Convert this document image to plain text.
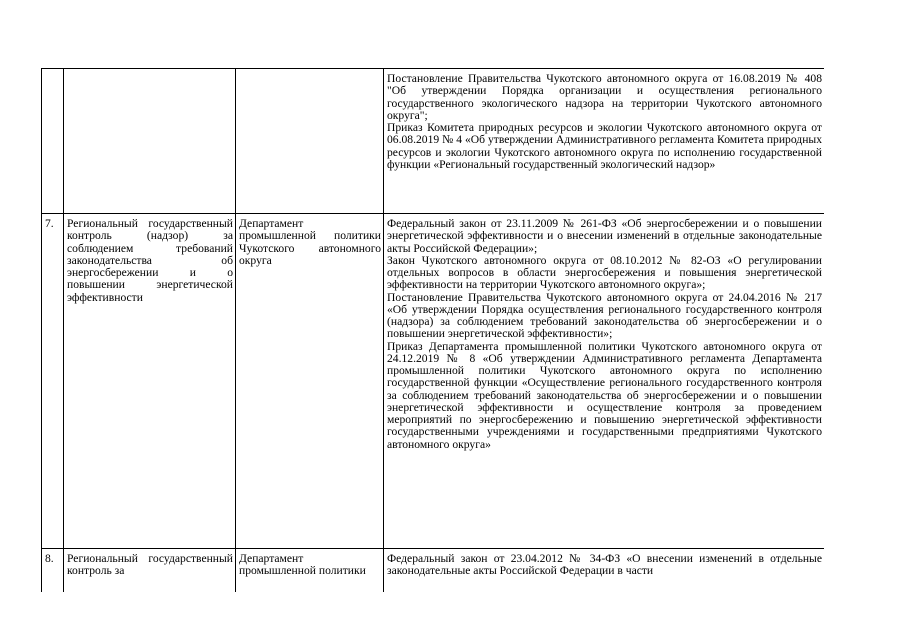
			Постановление Правительства Чукотского автономного округа от 16.08.2019 № 408 "Об утверждении Порядка организации и осуществления регионального государственного экологического надзора на территории Чукотского автономного округа";
Приказ Комитета природных ресурсов и экологии Чукотского автономного округа от 06.08.2019 № 4 «Об утверждении Административного регламента Комитета природных ресурсов и экологии Чукотского автономного округа по исполнению государственной функции «Региональный государственный экологический надзор»

7.	Региональный государственный контроль (надзор) за соблюдением требований законодательства об энергосбережении и о повышении энергетической эффективности	Департамент промышленной политики Чукотского автономного округа	Федеральный закон от 23.11.2009 № 261-ФЗ «Об энергосбережении и о повышении энергетической эффективности и о внесении изменений в отдельные законодательные акты Российской Федерации»;
Закон Чукотского автономного округа от 08.10.2012 № 82-ОЗ «О регулировании отдельных вопросов в области энергосбережения и повышения энергетической эффективности на территории Чукотского автономного округа»;
Постановление Правительства Чукотского автономного округа от 24.04.2016 № 217 «Об утверждении Порядка осуществления регионального государственного контроля (надзора) за соблюдением требований законодательства об энергосбережении и о повышении энергетической эффективности»;
Приказ Департамента промышленной политики Чукотского автономного округа от 24.12.2019 № 8 «Об утверждении Административного регламента Департамента промышленной политики Чукотского автономного округа по исполнению государственной функции «Осуществление регионального государственного контроля за соблюдением требований законодательства об энергосбережении и о повышении энергетической эффективности и осуществление контроля за проведением мероприятий по энергосбережению и повышению энергетической эффективности государственными учреждениями и государственными предприятиями Чукотского автономного округа»

8.	Региональный государственный контроль за	Департамент промышленной политики	Федеральный закон от 23.04.2012 № 34-ФЗ «О внесении изменений в отдельные законодательные акты Российской Федерации в части
